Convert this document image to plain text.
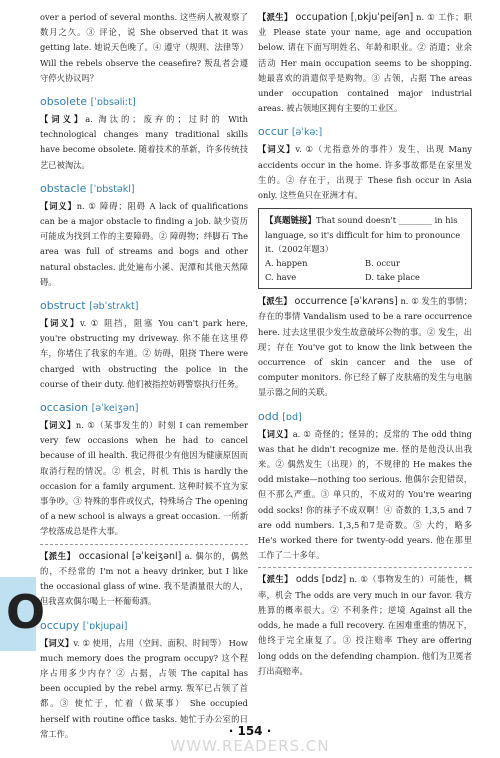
over a period of several months. 这些病人被观察了数月之久。③ 评论，说 She observed that it was getting late. 她说天色晚了。④ 遵守（规则、法律等） Will the rebels observe the ceasefire? 叛乱者会遵守停火协议吗？

obsolete [ˈɒbsəliːt]

【词义】a. 淘汰的；废弃的；过时的 With technological changes many traditional skills have become obsolete. 随着技术的革新，许多传统技艺已被淘汰。

obstacle [ˈɒbstəkl]

【词义】n. ① 障碍；阻碍 A lack of qualifications can be a major obstacle to finding a job. 缺少资历可能成为找到工作的主要障碍。② 障碍物；绊脚石 The area was full of streams and bogs and other natural obstacles. 此处遍布小溪、泥潭和其他天然障碍。

obstruct [əbˈstrʌkt]

【词义】v. ① 阻挡，阻塞 You can't park here, you're obstructing my driveway. 你不能在这里停车，你堵住了我家的车道。② 妨碍，阻挠 There were charged with obstructing the police in the course of their duty. 他们被指控妨碍警察执行任务。

occasion [əˈkeiʒən]

【词义】n. ①（某事发生的）时刻 I can remember very few occasions when he had to cancel because of ill health. 我记得很少有他因为健康原因而取消行程的情况。② 机会，时机 This is hardly the occasion for a family argument. 这种时候不宜为家事争吵。③ 特殊的事件或仪式，特殊场合 The opening of a new school is always a great occasion. 一所新学校落成总是件大事。

【派生】 occasional [əˈkeiʒənl] a. 偶尔的，偶然的，不经常的 I'm not a heavy drinker, but I like the occasional glass of wine. 我不是酒量很大的人，但我喜欢偶尔喝上一杯葡萄酒。

occupy [ˈɒkjupai]

【词义】v. ① 使用，占用（空间、面积、时间等） How much memory does the program occupy? 这个程序占用多少内存？② 占据，占领 The capital has been occupied by the rebel army. 叛军已占领了首都。③ 使忙于，忙着（做某事） She occupied herself with routine office tasks. 她忙于办公室的日常工作。

【派生】 occupation [ˌɒkjuˈpeiʃən] n. ① 工作；职业 Please state your name, age and occupation below. 请在下面写明姓名、年龄和职业。② 消遣；业余活动 Her main occupation seems to be shopping. 她最喜欢的消遣似乎是购物。③ 占领，占据 The areas under occupation contained major industrial areas. 被占领地区拥有主要的工业区。

occur [əˈkəː]

【词义】v. ①（尤指意外的事件）发生，出现 Many accidents occur in the home. 许多事故都是在家里发生的。② 存在于，出现于 These fish occur in Asia only. 这些鱼只在亚洲才有。

【真题链接】That sound doesn't ________ in his language, so it's difficult for him to pronounce it.（2002年题3）
A. happen	B. occur
C. have	D. take place

【派生】 occurrence [əˈkʌrəns] n. ① 发生的事情；存在的事情 Vandalism used to be a rare occurrence here. 过去这里很少发生故意破坏公物的事。② 发生，出现；存在 You've got to know the link between the occurrence of skin cancer and the use of computer monitors. 你已经了解了皮肤癌的发生与电脑显示器之间的关联。

odd [ɒd]

【词义】a. ① 奇怪的；怪异的；反常的 The odd thing was that he didn't recognize me. 怪的是他没认出我来。② 偶然发生（出现）的，不规律的 He makes the odd mistake—nothing too serious. 他偶尔会犯错误，但不那么严重。③ 单只的，不成对的 You're wearing odd socks! 你的袜子不成双啊！④ 奇数的 1,3,5 and 7 are odd numbers. 1,3,5和7是奇数。⑤ 大约，略多 He's worked there for twenty-odd years. 他在那里工作了二十多年。

【派生】 odds [ɒdz] n. ①（事物发生的）可能性，概率，机会 The odds are very much in our favor. 我方胜算的概率很大。② 不利条件；逆境 Against all the odds, he made a full recovery. 在困难重重的情况下，他终于完全康复了。③ 投注赔率 They are offering long odds on the defending champion. 他们为卫冕者打出高赔率。

O
· 154 ·
WWW.READERS.CN
